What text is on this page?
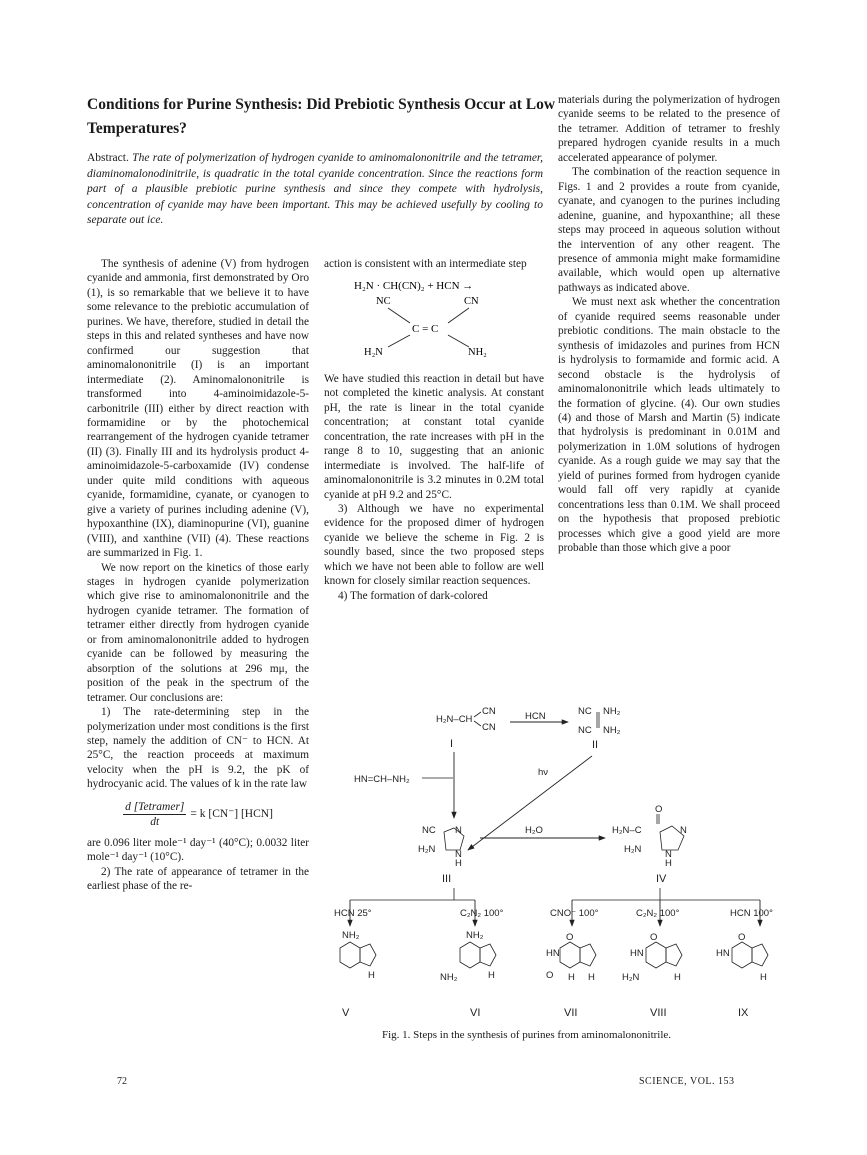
Conditions for Purine Synthesis: Did Prebiotic Synthesis Occur at Low Temperatures?
Abstract. The rate of polymerization of hydrogen cyanide to aminomalononitrile and the tetramer, diaminomalonodinitrile, is quadratic in the total cyanide concentration. Since the reactions form part of a plausible prebiotic purine synthesis and since they compete with hydrolysis, concentration of cyanide may have been important. This may be achieved usefully by cooling to separate out ice.

The synthesis of adenine (V) from hydrogen cyanide and ammonia, first demonstrated by Oro (1), is so remarkable that we believe it to have some relevance to the prebiotic accumulation of purines. We have, therefore, studied in detail the steps in this and related syntheses and have now confirmed our suggestion that aminomalononitrile (I) is an important intermediate (2). Aminomalononitrile is transformed into 4-aminoimidazole-5-carbonitrile (III) either by direct reaction with formamidine or by the photochemical rearrangement of the hydrogen cyanide tetramer (II) (3). Finally III and its hydrolysis product 4-aminoimidazole-5-carboxamide (IV) condense under quite mild conditions with aqueous cyanide, formamidine, cyanate, or cyanogen to give a variety of purines including adenine (V), hypoxanthine (IX), diaminopurine (VI), guanine (VIII), and xanthine (VII) (4). These reactions are summarized in Fig. 1.

We now report on the kinetics of those early stages in hydrogen cyanide polymerization which give rise to aminomalononitrile and the hydrogen cyanide tetramer. The formation of tetramer either directly from hydrogen cyanide or from aminomalononitrile added to hydrogen cyanide can be followed by measuring the absorption of the solutions at 296 mμ, the position of the peak in the spectrum of the tetramer. Our conclusions are:

1) The rate-determining step in the polymerization under most conditions is the first step, namely the addition of CN⁻ to HCN. At 25°C, the reaction proceeds at maximum velocity when the pH is 9.2, the pK of hydrocyanic acid. The values of k in the rate law

$\frac{\text{d [Tetramer]}}{dt} = k$ [CN⁻] [HCN]

are 0.096 liter mole⁻¹ day⁻¹ (40°C); 0.0032 liter mole⁻¹ day⁻¹ (10°C).

2) The rate of appearance of tetramer in the earliest phase of the re-

action is consistent with an intermediate step

H₂N · CH(CN)₂ + HCN →
NC	CN
C = C
H₂N	NH₂

We have studied this reaction in detail but have not completed the kinetic analysis. At constant pH, the rate is linear in the total cyanide concentration; at constant total cyanide concentration, the rate increases with pH in the range 8 to 10, suggesting that an anionic intermediate is involved. The half-life of aminomalononitrile is 3.2 minutes in 0.2M total cyanide at pH 9.2 and 25°C.

3) Although we have no experimental evidence for the proposed dimer of hydrogen cyanide we believe the scheme in Fig. 2 is soundly based, since the two proposed steps which we have not been able to follow are well known for closely similar reaction sequences.

4) The formation of dark-colored

materials during the polymerization of hydrogen cyanide seems to be related to the presence of the tetramer. Addition of tetramer to freshly prepared hydrogen cyanide results in a much accelerated appearance of polymer.

The combination of the reaction sequence in Figs. 1 and 2 provides a route from cyanide, cyanate, and cyanogen to the purines including adenine, guanine, and hypoxanthine; all these steps may proceed in aqueous solution without the intervention of any other reagent. The presence of ammonia might make formamidine available, which would open up alternative pathways as indicated above.

We must next ask whether the concentration of cyanide required seems reasonable under prebiotic conditions. The main obstacle to the synthesis of imidazoles and purines from HCN is hydrolysis to formamide and formic acid. A second obstacle is the hydrolysis of aminomalononitrile which leads ultimately to the formation of glycine. (4). Our own studies (4) and those of Marsh and Martin (5) indicate that hydrolysis is predominant in 0.01M and polymerization in 1.0M solutions of hydrogen cyanide. As a rough guide we may say that the yield of purines formed from hydrogen cyanide would fall off very rapidly at cyanide concentrations less than 0.1M. We shall proceed on the hypothesis that proposed prebiotic processes which give a good yield are more probable than those which give a poor

H₂N–CH
CN
CN
I
HCN	NC NH₂
NC NH₂
II
HN=CH–NH₂
hν
NC N
H₂N N
H
III
H₂O
O
H₂N–C	N
H₂N N
H
IV
HCN 25°	C₂N₂ 100°	CNO⁻ 100°	C₂N₂ 100°	HCN 100°
NH₂
H
V
NH₂
NH₂	H
VI
O
HN
O H H
VII
O
HN
H₂N	H
VIII
O
HN
H
IX
Fig. 1. Steps in the synthesis of purines from aminomalononitrile.
72	SCIENCE, VOL. 153
